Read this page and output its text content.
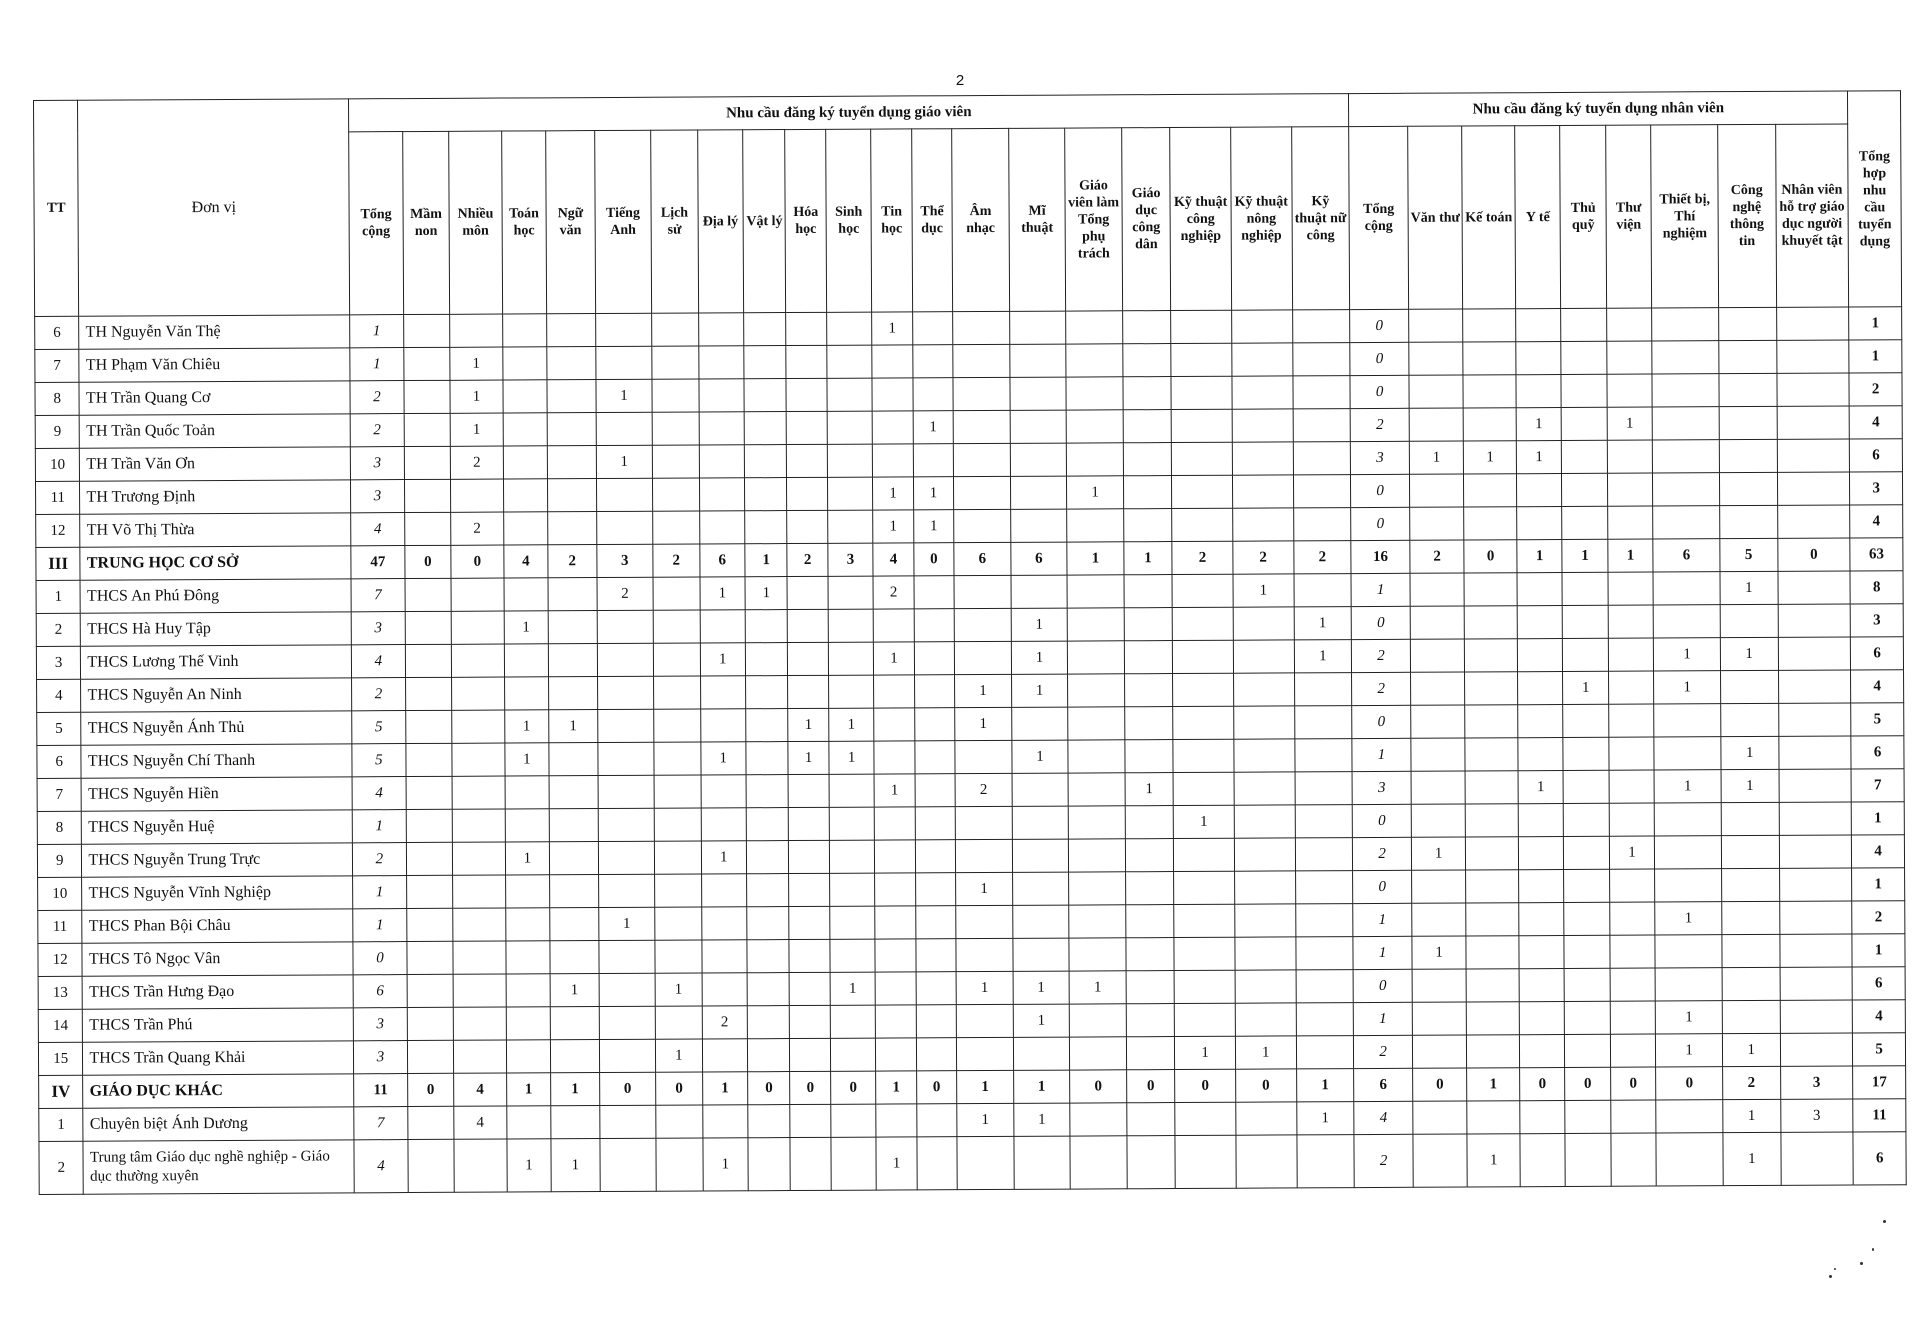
2
TT	Đơn vị	Nhu cầu đăng ký tuyển dụng giáo viên																				Nhu cầu đăng ký tuyển dụng nhân viên									Tổng hợp nhu cầu tuyển dụng
		Tổng cộng	Mầm non	Nhiều môn	Toán học	Ngữ văn	Tiếng Anh	Lịch sử	Địa lý	Vật lý	Hóa học	Sinh học	Tin học	Thể dục	Âm nhạc	Mĩ thuật	Giáo viên làm Tổng phụ trách	Giáo dục công dân	Kỹ thuật công nghiệp	Kỹ thuật nông nghiệp	Kỹ thuật nữ công	Tổng cộng	Văn thư	Kế toán	Y tế	Thủ quỹ	Thư viện	Thiết bị, Thí nghiệm	Công nghệ thông tin	Nhân viên hỗ trợ giáo dục người khuyết tật	
6	TH Nguyễn Văn Thệ	1											1									0									1
7	TH Phạm Văn Chiêu	1		1																		0									1
8	TH Trần Quang Cơ	2		1			1															0									2
9	TH Trần Quốc Toản	2		1										1								2			1		1				4
10	TH Trần Văn Ơn	3		2			1															3	1	1	1						6
11	TH Trương Định	3											1	1			1					0									3
12	TH Võ Thị Thừa	4		2									1	1								0									4
III	TRUNG HỌC CƠ SỞ	47	0	0	4	2	3	2	6	1	2	3	4	0	6	6	1	1	2	2	2	16	2	0	1	1	1	6	5	0	63
1	THCS An Phú Đông	7					2		1	1			2							1		1							1		8
2	THCS Hà Huy Tập	3			1											1					1	0									3
3	THCS Lương Thế Vinh	4							1				1			1					1	2						1	1		6
4	THCS Nguyễn An Ninh	2													1	1						2				1		1			4
5	THCS Nguyễn Ánh Thủ	5			1	1					1	1			1							0									5
6	THCS Nguyễn Chí Thanh	5			1				1		1	1				1						1							1		6
7	THCS Nguyễn Hiền	4											1		2			1				3			1			1	1		7
8	THCS Nguyễn Huệ	1																	1			0									1
9	THCS Nguyễn Trung Trực	2			1				1													2	1				1				4
10	THCS Nguyễn Vĩnh Nghiệp	1													1							0									1
11	THCS Phan Bội Châu	1					1															1						1			2
12	THCS Tô Ngọc Vân	0																				1	1								1
13	THCS Trần Hưng Đạo	6				1		1				1			1	1	1					0									6
14	THCS Trần Phú	3							2							1						1						1			4
15	THCS Trần Quang Khải	3						1											1	1		2						1	1		5
IV	GIÁO DỤC KHÁC	11	0	4	1	1	0	0	1	0	0	0	1	0	1	1	0	0	0	0	1	6	0	1	0	0	0	0	2	3	17
1	Chuyên biệt Ánh Dương	7		4											1	1					1	4							1	3	11
2	Trung tâm Giáo dục nghề nghiệp - Giáo dục thường xuyên	4			1	1			1				1									2		1					1		6
